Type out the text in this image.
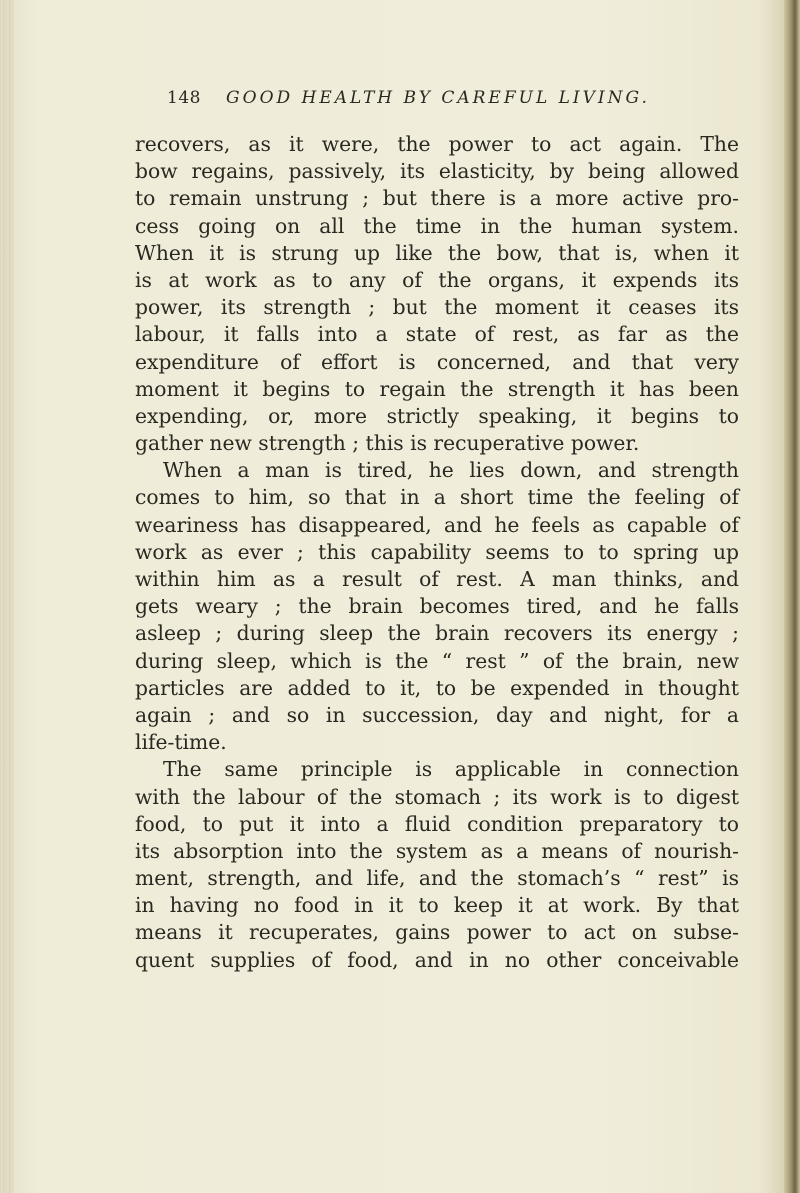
148 GOOD HEALTH BY CAREFUL LIVING.
recovers, as it were, the power to act again. The
bow regains, passively, its elasticity, by being allowed
to remain unstrung ; but there is a more active pro-
cess going on all the time in the human system.
When it is strung up like the bow, that is, when it
is at work as to any of the organs, it expends its
power, its strength ; but the moment it ceases its
labour, it falls into a state of rest, as far as the
expenditure of effort is concerned, and that very
moment it begins to regain the strength it has been
expending, or, more strictly speaking, it begins to
gather new strength ; this is recuperative power.
When a man is tired, he lies down, and strength
comes to him, so that in a short time the feeling of
weariness has disappeared, and he feels as capable of
work as ever ; this capability seems to to spring up
within him as a result of rest. A man thinks, and
gets weary ; the brain becomes tired, and he falls
asleep ; during sleep the brain recovers its energy ;
during sleep, which is the “ rest ” of the brain, new
particles are added to it, to be expended in thought
again ; and so in succession, day and night, for a
life-time.
The same principle is applicable in connection
with the labour of the stomach ; its work is to digest
food, to put it into a fluid condition preparatory to
its absorption into the system as a means of nourish-
ment, strength, and life, and the stomach’s “ rest” is
in having no food in it to keep it at work. By that
means it recuperates, gains power to act on subse-
quent supplies of food, and in no other conceivable
